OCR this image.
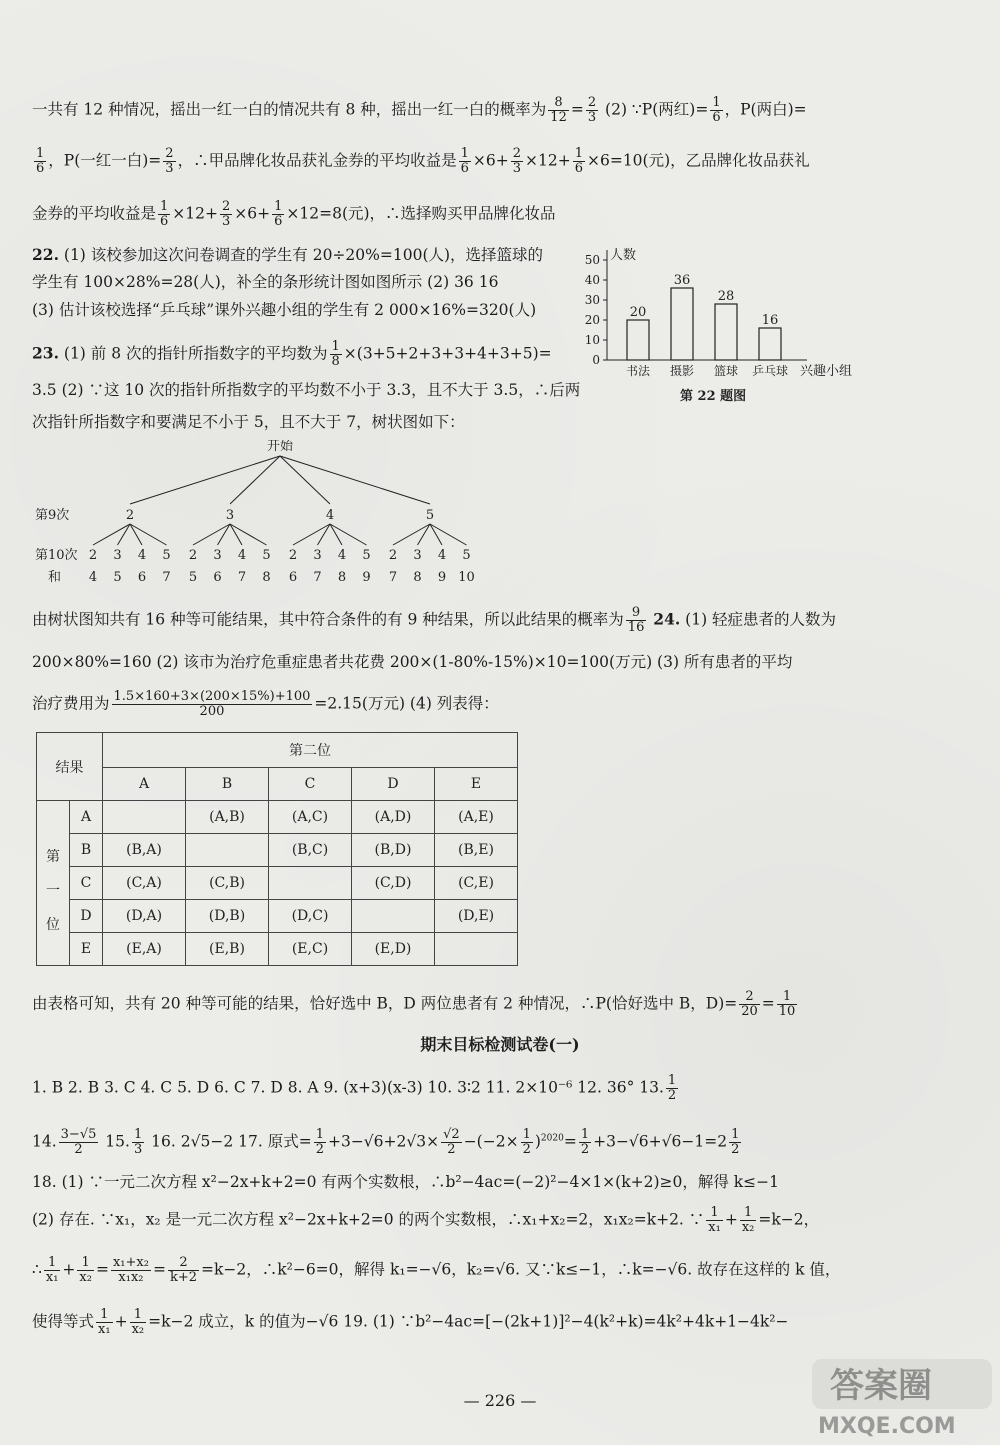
一共有 12 种情况，摇出一红一白的情况共有 8 种，摇出一红一白的概率为 $\frac{8}{12} = \frac{2}{3} (2)$ ∵P(两红)= $\frac{1}{6}$ ，P(两白)=
$\frac{1}{6}$ ，P(一红一白)= $\frac{2}{3}$ ，∴甲品牌化妆品获礼金券的平均收益是 $\frac{1}{6} \times 6+ \frac{2}{3} \times 12+ \frac{1}{6} \times 6=10$(元)，乙品牌化妆品获礼
金券的平均收益是 $\frac{1}{6} \times 12+ \frac{2}{3} \times 6+ \frac{1}{6} \times 12=8$(元)，∴选择购买甲品牌化妆品
22. (1) 该校参加这次问卷调查的学生有 20÷20%=100(人)，选择篮球的
学生有 100×28%=28(人)，补全的条形统计图如图所示 (2) 36 16
(3) 估计该校选择“乒乓球”课外兴趣小组的学生有 2 000×16%=320(人)
23. (1) 前 8 次的指针所指数字的平均数为 $\frac{1}{8} \times(3+5+2+3+3+4+3+5)=$
3.5 (2) ∵这 10 次的指针所指数字的平均数不小于 3.3，且不大于 3.5，∴后两
次指针所指数字和要满足不小于 5，且不大于 7，树状图如下：
人数
0
10
20
30
40
50
20
36
28
16
书法 摄影 篮球 乒乓球 兴趣小组
第 22 题图
开始
第9次
第10次
和
2	3	4	5
2 3 4 5 2 3 4 5 2 3 4 5 2 3 4 5
4 5 6 7 5 6 7 8 6 7 8 9 7 8 9 10
由树状图知共有 16 种等可能结果，其中符合条件的有 9 种结果，所以此结果的概率为 $\frac{9}{16} 24$. (1) 轻症患者的人数为
200×80%=160 (2) 该市为治疗危重症患者共花费 200×(1-80%-15%)×10=100(万元) (3) 所有患者的平均
治疗费用为 $\frac{1.5\times 160+3\times(200\times 15\%)+100}{200} =2.15$(万元) (4) 列表得：
结果		第二位				
		A	B	C	D	E

第
一
位	A		(A,B)	(A,C)	(A,D)	(A,E)
	B	(B,A)		(B,C)	(B,D)	(B,E)
	C	(C,A)	(C,B)		(C,D)	(C,E)
	D	(D,A)	(D,B)	(D,C)		(D,E)
	E	(E,A)	(E,B)	(E,C)	(E,D)	
由表格可知，共有 20 种等可能的结果，恰好选中 B，D 两位患者有 2 种情况，∴P(恰好选中 B，$D)= \frac{2}{20} = \frac{1}{10}$
期末目标检测试卷(一)
1. B 2. B 3. C 4. C 5. D 6. C 7. D 8. A 9. (x+3)(x-3) 10. 3∶2 11. 2×10⁻⁶ 12. 36° 13. $\frac{1}{2}$
14. $\frac{3-√5}{2} 15$. $\frac{1}{3} 16$. 2√5−2 17. 原式= $\frac{1}{2} +3-√6+2√3\times \frac{√2}{2} -(-2\times \frac{1}{2} )^{2020}= \frac{1}{2} +3-√6+√6-1=2 \frac{1}{2}$
18. (1) ∵一元二次方程 x²−2x+k+2=0 有两个实数根，∴b²−4ac=(−2)²−4×1×(k+2)≥0，解得 k≤−1
(2) 存在. ∵x₁，x₂ 是一元二次方程 x²−2x+k+2=0 的两个实数根，∴x₁+x₂=2，x₁x₂=k+2. ∵ $\frac{1}{\text{x₁}} + \frac{1}{\text{x₂}} =k-2$，
∴ $\frac{1}{\text{x₁}} + \frac{1}{\text{x₂}} = \frac{\text{x₁+x₂}}{\text{x₁x₂}} = \frac{2}{k+2} =k-2$，∴k²−6=0，解得 k₁=−√6，k₂=√6. 又∵k≤−1，∴k=−√6. 故存在这样的 k 值，
使得等式 $\frac{1}{\text{x₁}} + \frac{1}{\text{x₂}} =k-2$ 成立，k 的值为−√6 19. (1) ∵b²−4ac=[−(2k+1)]²−4(k²+k)=4k²+4k+1−4k²−
— 226 —	答案圈
MXQE.COM
